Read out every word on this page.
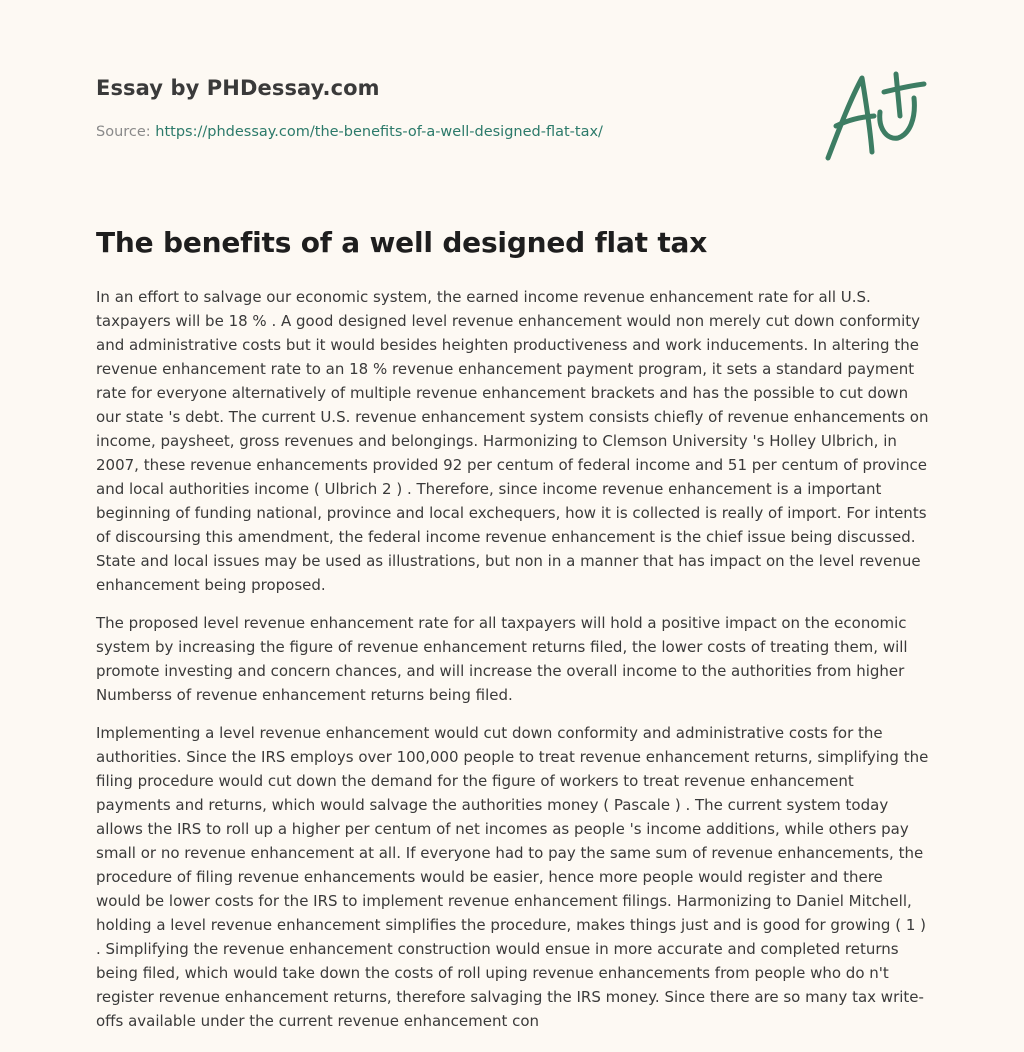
Essay by PHDessay.com

Source: https://phdessay.com/the-benefits-of-a-well-designed-flat-tax/
The benefits of a well designed flat tax

In an effort to salvage our economic system, the earned income revenue enhancement rate for all U.S. taxpayers will be 18 % . A good designed level revenue enhancement would non merely cut down conformity and administrative costs but it would besides heighten productiveness and work inducements. In altering the revenue enhancement rate to an 18 % revenue enhancement payment program, it sets a standard payment rate for everyone alternatively of multiple revenue enhancement brackets and has the possible to cut down our state 's debt. The current U.S. revenue enhancement system consists chiefly of revenue enhancements on income, paysheet, gross revenues and belongings. Harmonizing to Clemson University 's Holley Ulbrich, in 2007, these revenue enhancements provided 92 per centum of federal income and 51 per centum of province and local authorities income ( Ulbrich 2 ) . Therefore, since income revenue enhancement is a important beginning of funding national, province and local exchequers, how it is collected is really of import. For intents of discoursing this amendment, the federal income revenue enhancement is the chief issue being discussed. State and local issues may be used as illustrations, but non in a manner that has impact on the level revenue enhancement being proposed.

The proposed level revenue enhancement rate for all taxpayers will hold a positive impact on the economic system by increasing the figure of revenue enhancement returns filed, the lower costs of treating them, will promote investing and concern chances, and will increase the overall income to the authorities from higher Numberss of revenue enhancement returns being filed.

Implementing a level revenue enhancement would cut down conformity and administrative costs for the authorities. Since the IRS employs over 100,000 people to treat revenue enhancement returns, simplifying the filing procedure would cut down the demand for the figure of workers to treat revenue enhancement payments and returns, which would salvage the authorities money ( Pascale ) . The current system today allows the IRS to roll up a higher per centum of net incomes as people 's income additions, while others pay small or no revenue enhancement at all. If everyone had to pay the same sum of revenue enhancements, the procedure of filing revenue enhancements would be easier, hence more people would register and there would be lower costs for the IRS to implement revenue enhancement filings. Harmonizing to Daniel Mitchell, holding a level revenue enhancement simplifies the procedure, makes things just and is good for growing ( 1 ) . Simplifying the revenue enhancement construction would ensue in more accurate and completed returns being filed, which would take down the costs of roll uping revenue enhancements from people who do n't register revenue enhancement returns, therefore salvaging the IRS money. Since there are so many tax write-offs available under the current revenue enhancement con
